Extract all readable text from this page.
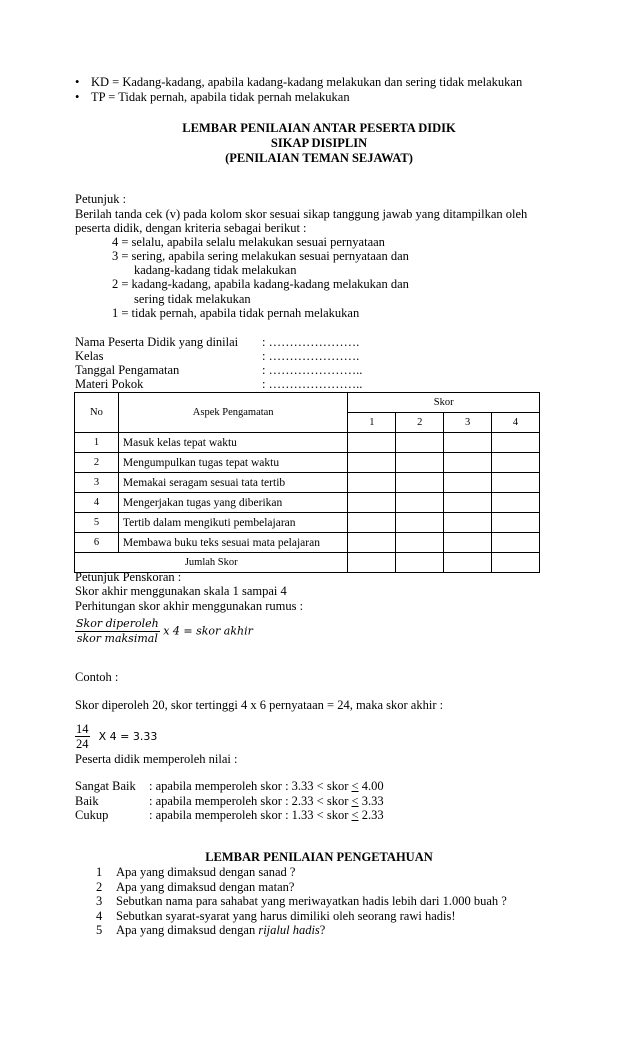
• KD = Kadang-kadang, apabila kadang-kadang melakukan dan sering tidak melakukan
• TP = Tidak pernah, apabila tidak pernah melakukan
LEMBAR PENILAIAN ANTAR PESERTA DIDIK
SIKAP DISIPLIN
(PENILAIAN TEMAN SEJAWAT)
Petunjuk :
Berilah tanda cek (v) pada kolom skor sesuai sikap tanggung jawab yang ditampilkan oleh
peserta didik, dengan kriteria sebagai berikut :
4 = selalu, apabila selalu melakukan sesuai pernyataan
3 = sering, apabila sering melakukan sesuai pernyataan dan
kadang-kadang tidak melakukan
2 = kadang-kadang, apabila kadang-kadang melakukan dan
sering tidak melakukan
1 = tidak pernah, apabila tidak pernah melakukan
Nama Peserta Didik yang dinilai : ………………….
Kelas	: ………………….
Tanggal Pengamatan	: …………………..
Materi Pokok	: …………………..
No	Aspek Pengamatan	Skor			
		1	2	3	4
1	Masuk kelas tepat waktu				
2	Mengumpulkan tugas tepat waktu				
3	Memakai seragam sesuai tata tertib				
4	Mengerjakan tugas yang diberikan				
5	Tertib dalam mengikuti pembelajaran				
6	Membawa buku teks sesuai mata pelajaran				
Jumlah Skor					
Petunjuk Penskoran :
Skor akhir menggunakan skala 1 sampai 4
Perhitungan skor akhir menggunakan rumus :
$\frac{\text{Skor diperoleh}}{\text{skor maksimal}}$ x 4 = skor akhir
Contoh :
Skor diperoleh 20, skor tertinggi 4 x 6 pernyataan = 24, maka skor akhir :
$\frac{14}{24}$ X 4 = 3.33
Peserta didik memperoleh nilai :
Sangat Baik : apabila memperoleh skor : 3.33 < skor ≤ 4.00
Baik	: apabila memperoleh skor : 2.33 < skor ≤ 3.33
Cukup	: apabila memperoleh skor : 1.33 < skor ≤ 2.33
LEMBAR PENILAIAN PENGETAHUAN
1 Apa yang dimaksud dengan sanad ?
2 Apa yang dimaksud dengan matan?
3 Sebutkan nama para sahabat yang meriwayatkan hadis lebih dari 1.000 buah ?
4 Sebutkan syarat-syarat yang harus dimiliki oleh seorang rawi hadis!
5 Apa yang dimaksud dengan rijalul hadis?
